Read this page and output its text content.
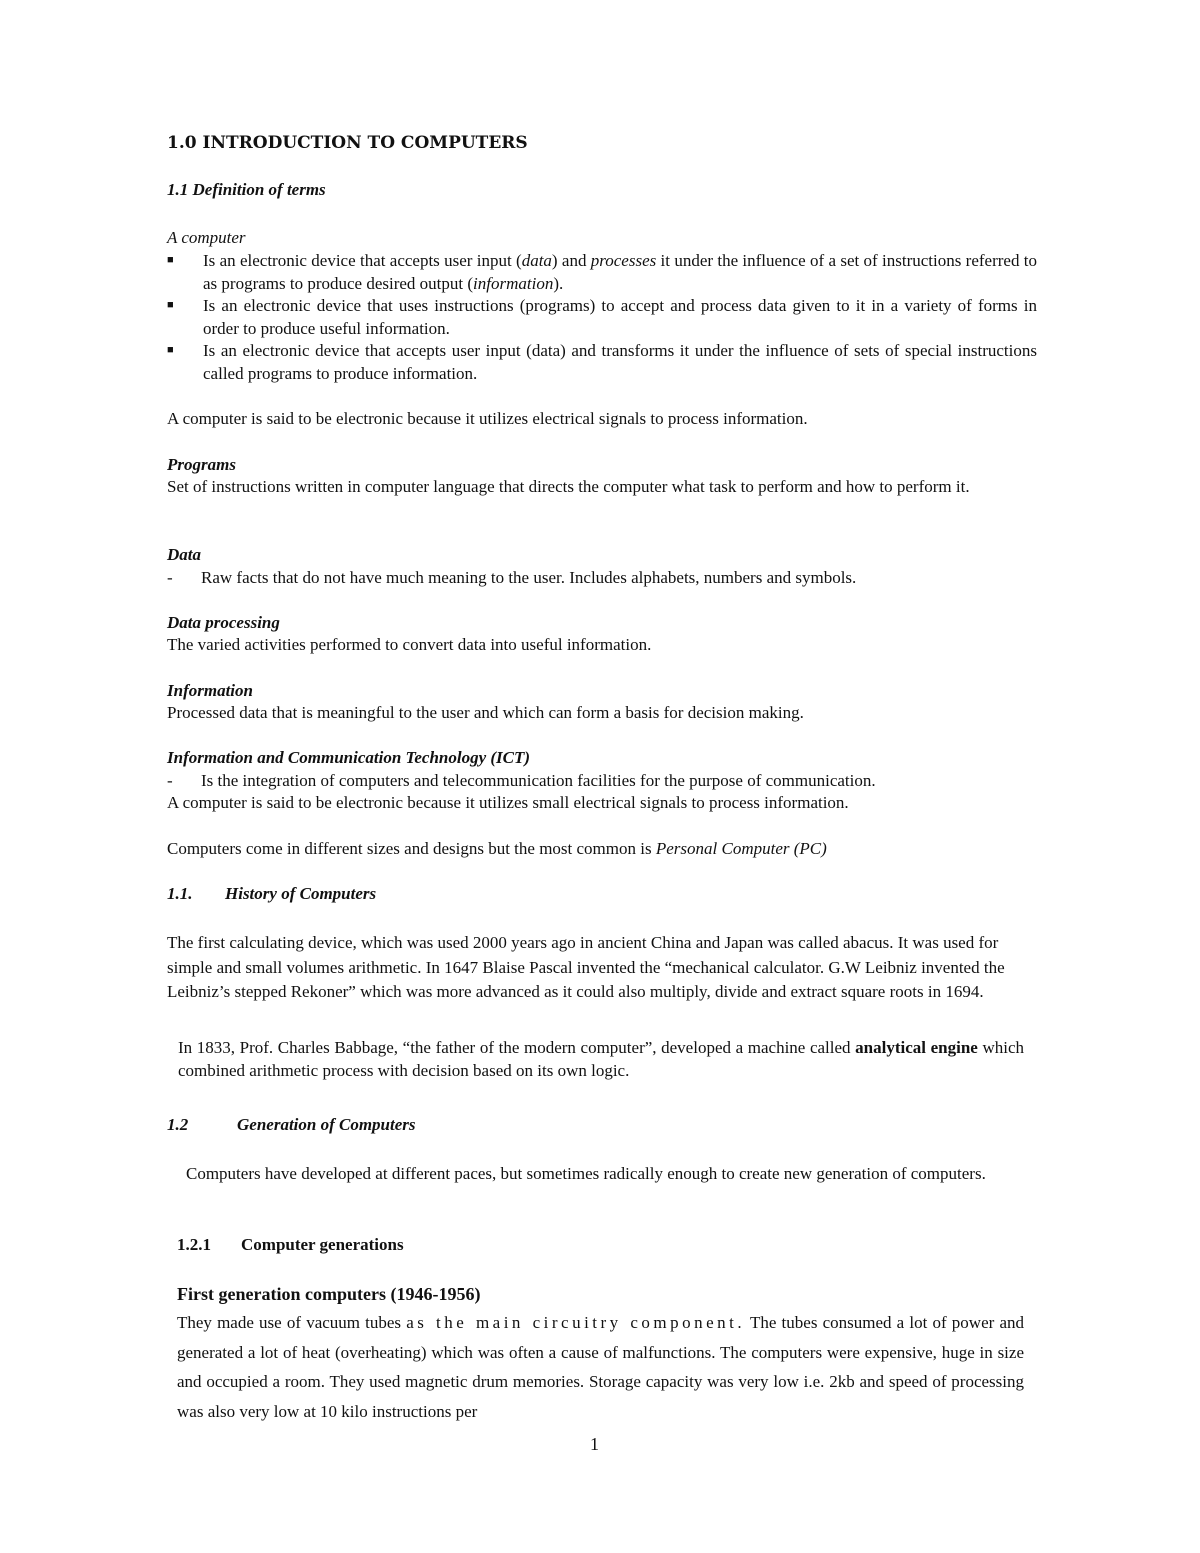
1.0 INTRODUCTION TO COMPUTERS
1.1 Definition of terms
A computer
■ Is an electronic device that accepts user input (data) and processes it under the influence of a set of instructions referred to as programs to produce desired output (information).
■ Is an electronic device that uses instructions (programs) to accept and process data given to it in a variety of forms in order to produce useful information.
■ Is an electronic device that accepts user input (data) and transforms it under the influence of sets of special instructions called programs to produce information.
A computer is said to be electronic because it utilizes electrical signals to process information.
Programs
Set of instructions written in computer language that directs the computer what task to perform and how to perform it.
Data
- Raw facts that do not have much meaning to the user. Includes alphabets, numbers and symbols.
Data processing
The varied activities performed to convert data into useful information.
Information
Processed data that is meaningful to the user and which can form a basis for decision making.
Information and Communication Technology (ICT)
- Is the integration of computers and telecommunication facilities for the purpose of communication.
A computer is said to be electronic because it utilizes small electrical signals to process information.
Computers come in different sizes and designs but the most common is Personal Computer (PC)
1.1. History of Computers
The first calculating device, which was used 2000 years ago in ancient China and Japan was called abacus. It was used for simple and small volumes arithmetic. In 1647 Blaise Pascal invented the “mechanical calculator. G.W Leibniz invented the Leibniz’s stepped Rekoner” which was more advanced as it could also multiply, divide and extract square roots in 1694.
In 1833, Prof. Charles Babbage, “the father of the modern computer”, developed a machine called analytical engine which combined arithmetic process with decision based on its own logic.
1.2	Generation of Computers
Computers have developed at different paces, but sometimes radically enough to create new generation of computers.
1.2.1 Computer generations
First generation computers (1946-1956)
They made use of vacuum tubes as the main circuitry component. The tubes consumed a lot of power and generated a lot of heat (overheating) which was often a cause of malfunctions. The computers were expensive, huge in size and occupied a room. They used magnetic drum memories. Storage capacity was very low i.e. 2kb and speed of processing was also very low at 10 kilo instructions per
1
